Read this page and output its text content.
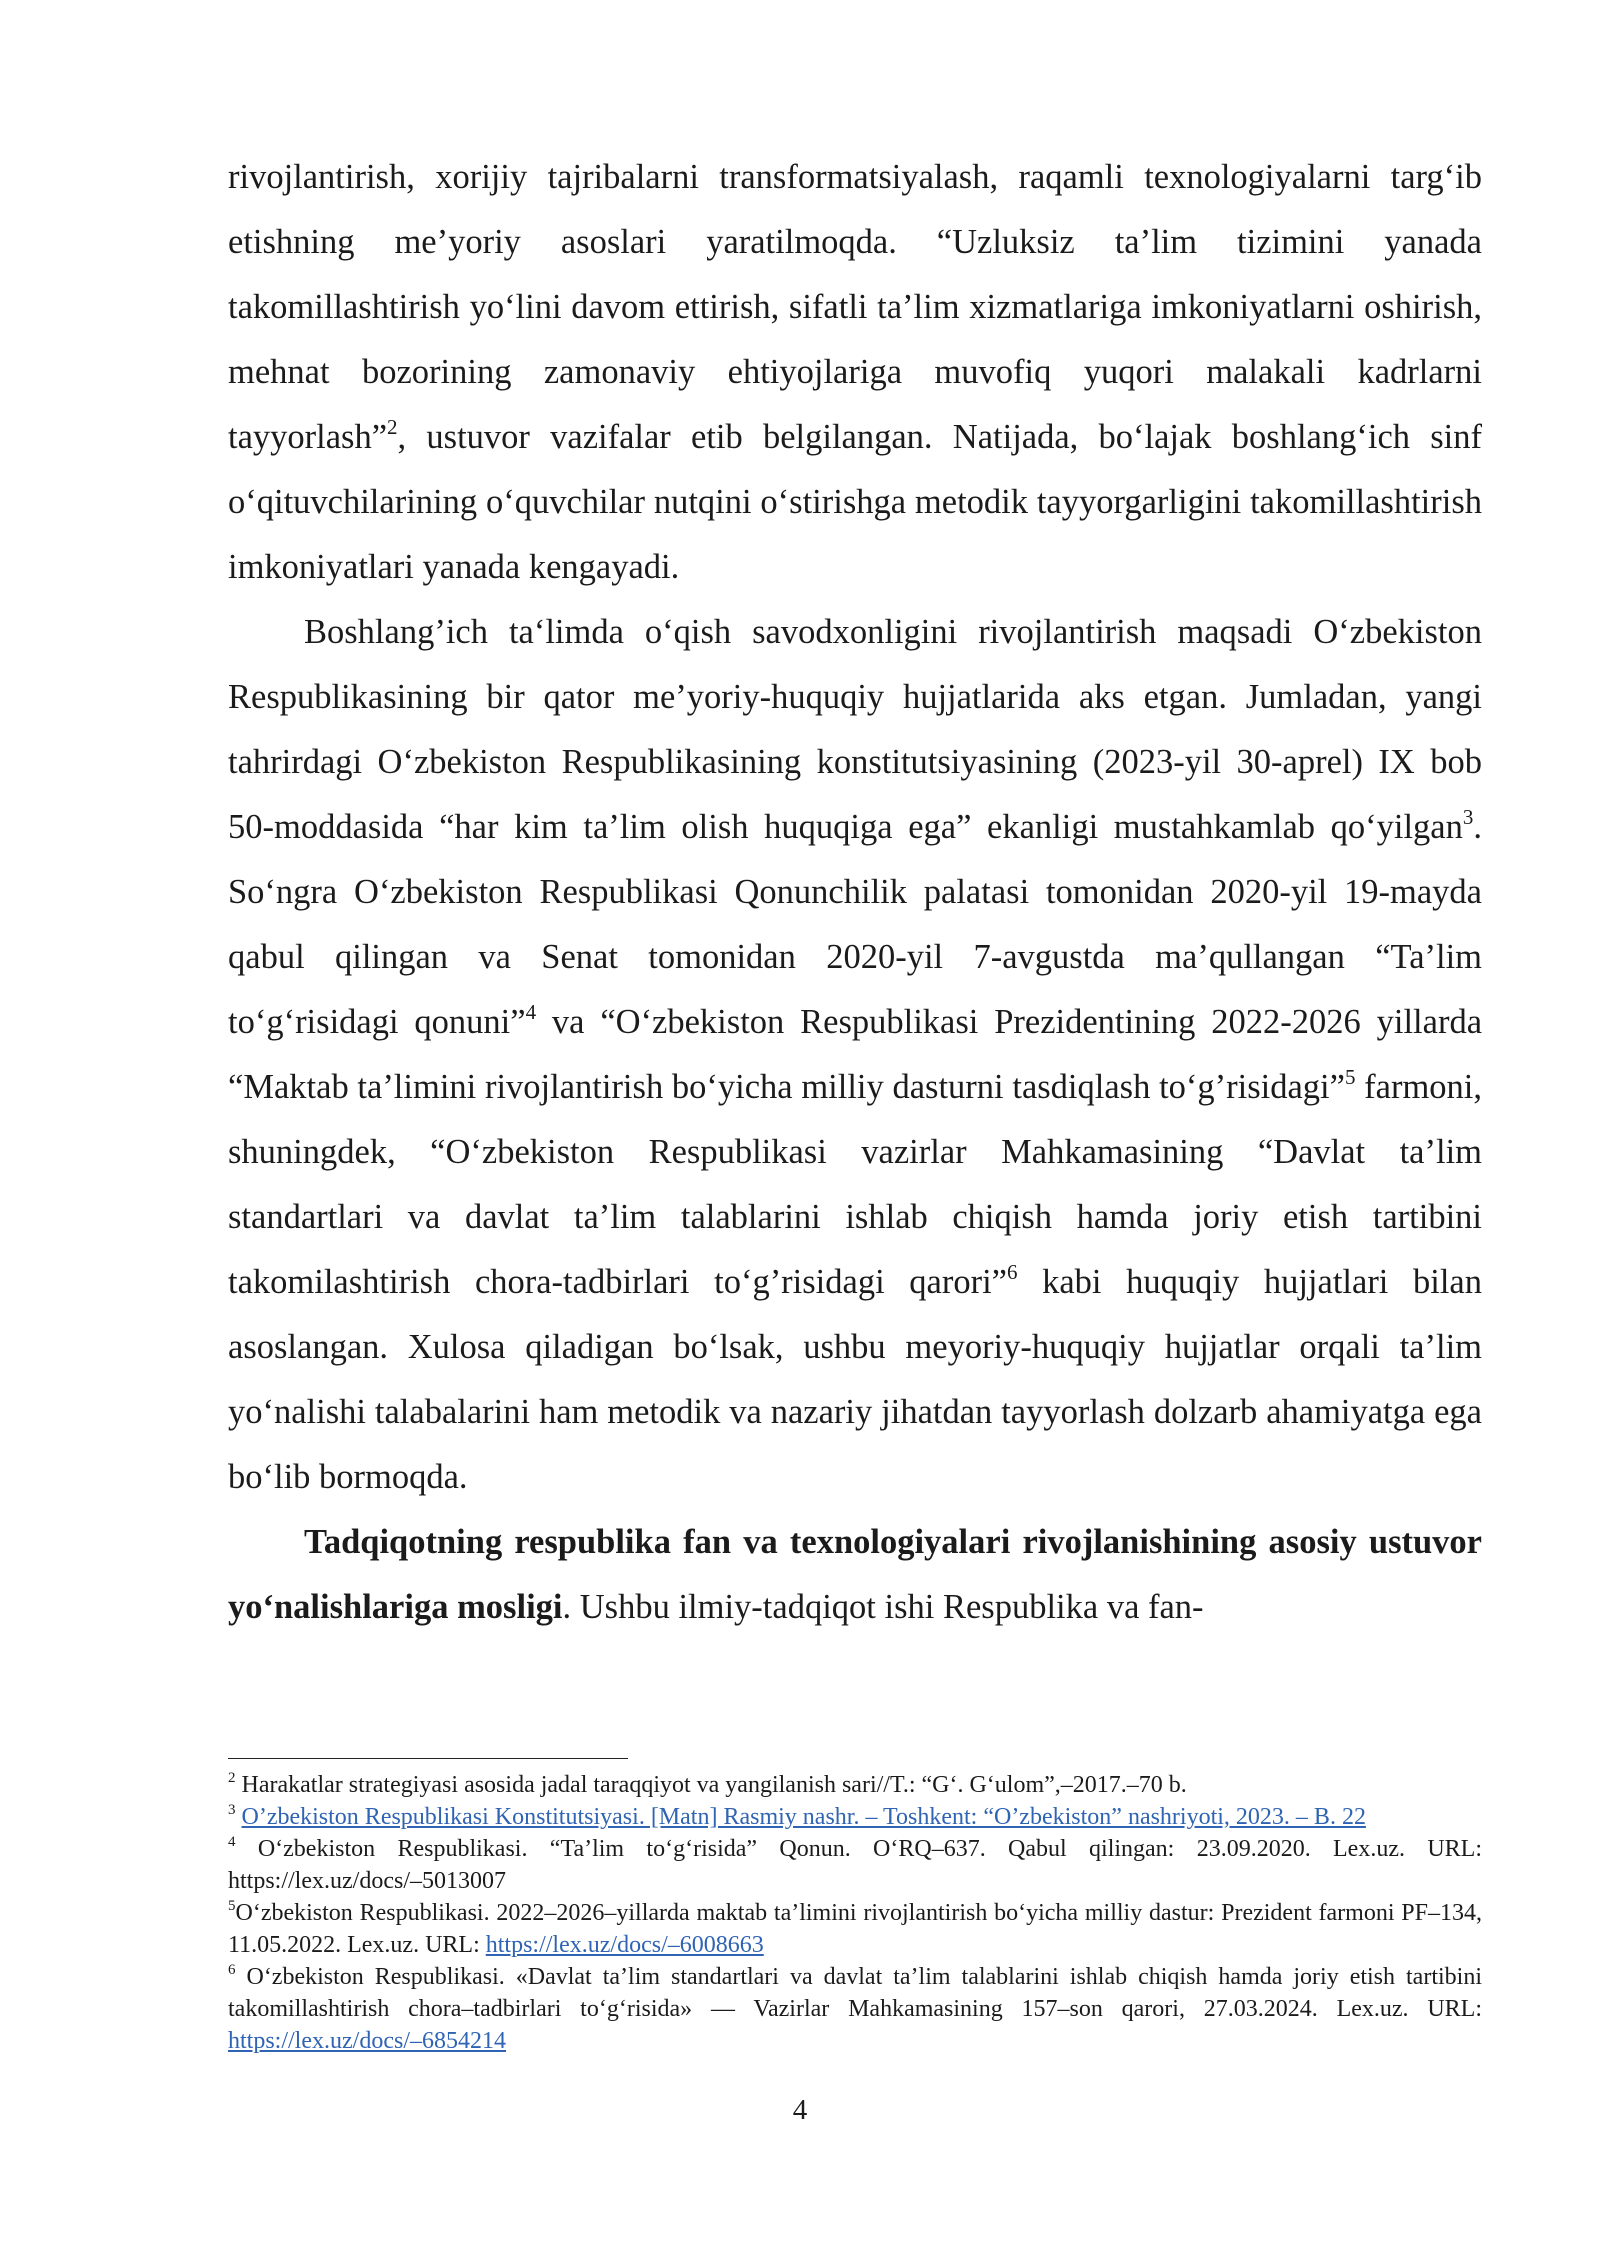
rivojlantirish, xorijiy tajribalarni transformatsiyalash, raqamli texnologiyalarni targ‘ib etishning me’yoriy asoslari yaratilmoqda. “Uzluksiz ta’lim tizimini yanada takomillashtirish yo‘lini davom ettirish, sifatli ta’lim xizmatlariga imkoniyatlarni oshirish, mehnat bozorining zamonaviy ehtiyojlariga muvofiq yuqori malakali kadrlarni tayyorlash”$^2$, ustuvor vazifalar etib belgilangan. Natijada, bo‘lajak boshlang‘ich sinf o‘qituvchilarining o‘quvchilar nutqini o‘stirishga metodik tayyorgarligini takomillashtirish imkoniyatlari yanada kengayadi.

Boshlang’ich ta‘limda o‘qish savodxonligini rivojlantirish maqsadi O‘zbekiston Respublikasining bir qator me’yoriy-huquqiy hujjatlarida aks etgan. Jumladan, yangi tahrirdagi O‘zbekiston Respublikasining konstitutsiyasining (2023-yil 30-aprel) IX bob 50-moddasida “har kim ta’lim olish huquqiga ega” ekanligi mustahkamlab qo‘yilgan$^3$. So‘ngra O‘zbekiston Respublikasi Qonunchilik palatasi tomonidan 2020-yil 19-mayda qabul qilingan va Senat tomonidan 2020-yil 7-avgustda ma’qullangan “Ta’lim to‘g‘risidagi qonuni”$^4$ va “O‘zbekiston Respublikasi Prezidentining 2022-2026 yillarda “Maktab ta’limini rivojlantirish bo‘yicha milliy dasturni tasdiqlash to‘g’risidagi”$^5$ farmoni, shuningdek, “O‘zbekiston Respublikasi vazirlar Mahkamasining “Davlat ta’lim standartlari va davlat ta’lim talablarini ishlab chiqish hamda joriy etish tartibini takomilashtirish chora-tadbirlari to‘g’risidagi qarori”$^6$ kabi huquqiy hujjatlari bilan asoslangan. Xulosa qiladigan bo‘lsak, ushbu meyoriy-huquqiy hujjatlar orqali ta’lim yo‘nalishi talabalarini ham metodik va nazariy jihatdan tayyorlash dolzarb ahamiyatga ega bo‘lib bormoqda.

Tadqiqotning respublika fan va texnologiyalari rivojlanishining asosiy ustuvor yo‘nalishlariga mosligi. Ushbu ilmiy-tadqiqot ishi Respublika va fan-

$^2$ Harakatlar strategiyasi asosida jadal taraqqiyot va yangilanish sari//T.: “G‘. G‘ulom”,–2017.–70 b.

$^3$ O’zbekiston Respublikasi Konstitutsiyasi. [Matn] Rasmiy nashr. – Toshkent: “O’zbekiston” nashriyoti, 2023. – B. 22

$^4$ O‘zbekiston Respublikasi. “Ta’lim to‘g‘risida” Qonun. O‘RQ–637. Qabul qilingan: 23.09.2020. Lex.uz. URL: https://lex.uz/docs/–5013007

$^5$O‘zbekiston Respublikasi. 2022–2026–yillarda maktab ta’limini rivojlantirish bo‘yicha milliy dastur: Prezident farmoni PF–134, 11.05.2022. Lex.uz. URL: https://lex.uz/docs/–6008663

$^6$ O‘zbekiston Respublikasi. «Davlat ta’lim standartlari va davlat ta’lim talablarini ishlab chiqish hamda joriy etish tartibini takomillashtirish chora–tadbirlari to‘g‘risida» — Vazirlar Mahkamasining 157–son qarori, 27.03.2024. Lex.uz. URL: https://lex.uz/docs/–6854214

4
